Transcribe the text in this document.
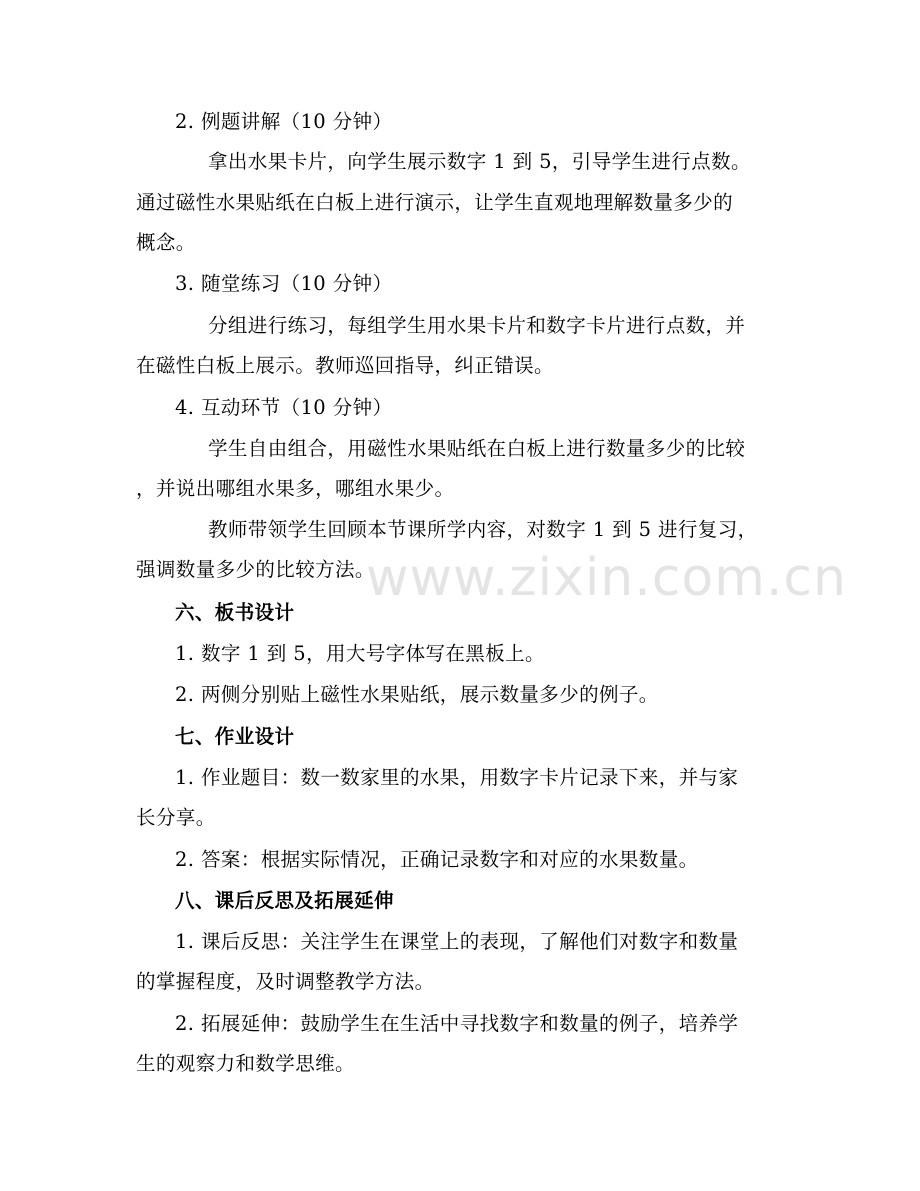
2. 例题讲解（10 分钟）
拿出水果卡片，向学生展示数字 1 到 5，引导学生进行点数。
通过磁性水果贴纸在白板上进行演示，让学生直观地理解数量多少的
概念。
3. 随堂练习（10 分钟）
分组进行练习，每组学生用水果卡片和数字卡片进行点数，并
在磁性白板上展示。教师巡回指导，纠正错误。
4. 互动环节（10 分钟）
学生自由组合，用磁性水果贴纸在白板上进行数量多少的比较
，并说出哪组水果多，哪组水果少。
教师带领学生回顾本节课所学内容，对数字 1 到 5 进行复习，
强调数量多少的比较方法。
六、板书设计
1. 数字 1 到 5，用大号字体写在黑板上。
2. 两侧分别贴上磁性水果贴纸，展示数量多少的例子。
七、作业设计
1. 作业题目：数一数家里的水果，用数字卡片记录下来，并与家
长分享。
2. 答案：根据实际情况，正确记录数字和对应的水果数量。
八、课后反思及拓展延伸
1. 课后反思：关注学生在课堂上的表现，了解他们对数字和数量
的掌握程度，及时调整教学方法。
2. 拓展延伸：鼓励学生在生活中寻找数字和数量的例子，培养学
生的观察力和数学思维。
www.zixin.com.cn
